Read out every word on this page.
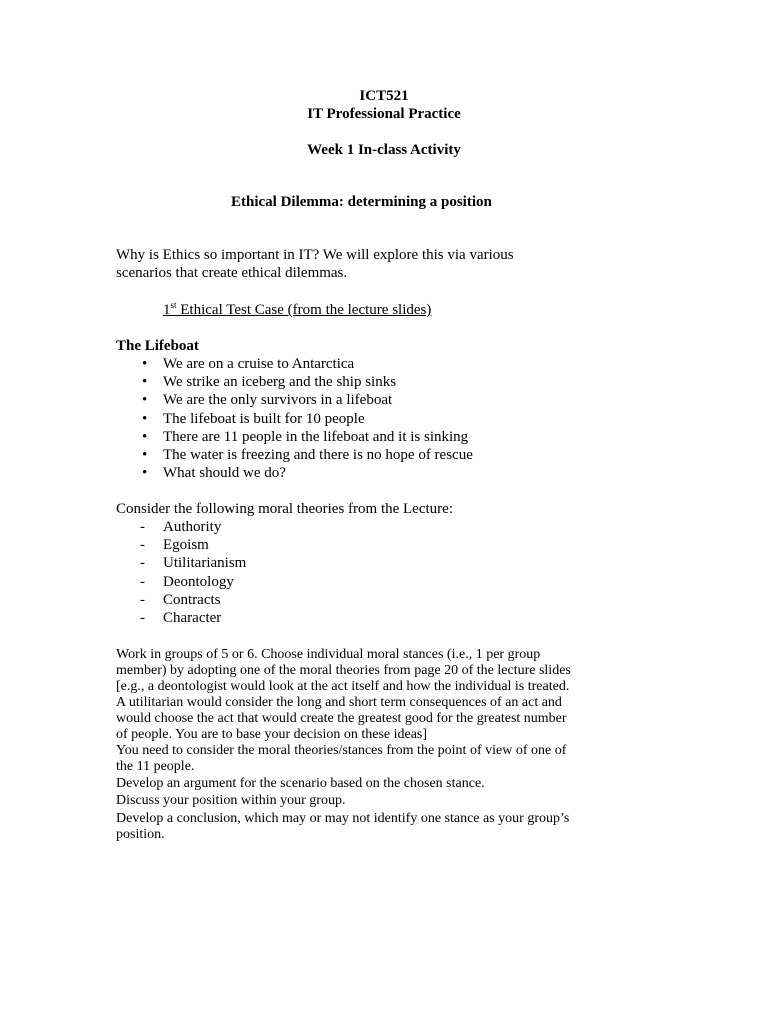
ICT521
IT Professional Practice
Week 1 In-class Activity
Ethical Dilemma: determining a position
Why is Ethics so important in IT? We will explore this via various
scenarios that create ethical dilemmas.
1st Ethical Test Case (from the lecture slides)
The Lifeboat
• We are on a cruise to Antarctica
• We strike an iceberg and the ship sinks
• We are the only survivors in a lifeboat
• The lifeboat is built for 10 people
• There are 11 people in the lifeboat and it is sinking
• The water is freezing and there is no hope of rescue
• What should we do?
Consider the following moral theories from the Lecture:
- Authority
- Egoism
- Utilitarianism
- Deontology
- Contracts
- Character
Work in groups of 5 or 6. Choose individual moral stances (i.e., 1 per group
member) by adopting one of the moral theories from page 20 of the lecture slides
[e.g., a deontologist would look at the act itself and how the individual is treated.
A utilitarian would consider the long and short term consequences of an act and
would choose the act that would create the greatest good for the greatest number
of people. You are to base your decision on these ideas]
You need to consider the moral theories/stances from the point of view of one of
the 11 people.
Develop an argument for the scenario based on the chosen stance.
Discuss your position within your group.
Develop a conclusion, which may or may not identify one stance as your group’s
position.
